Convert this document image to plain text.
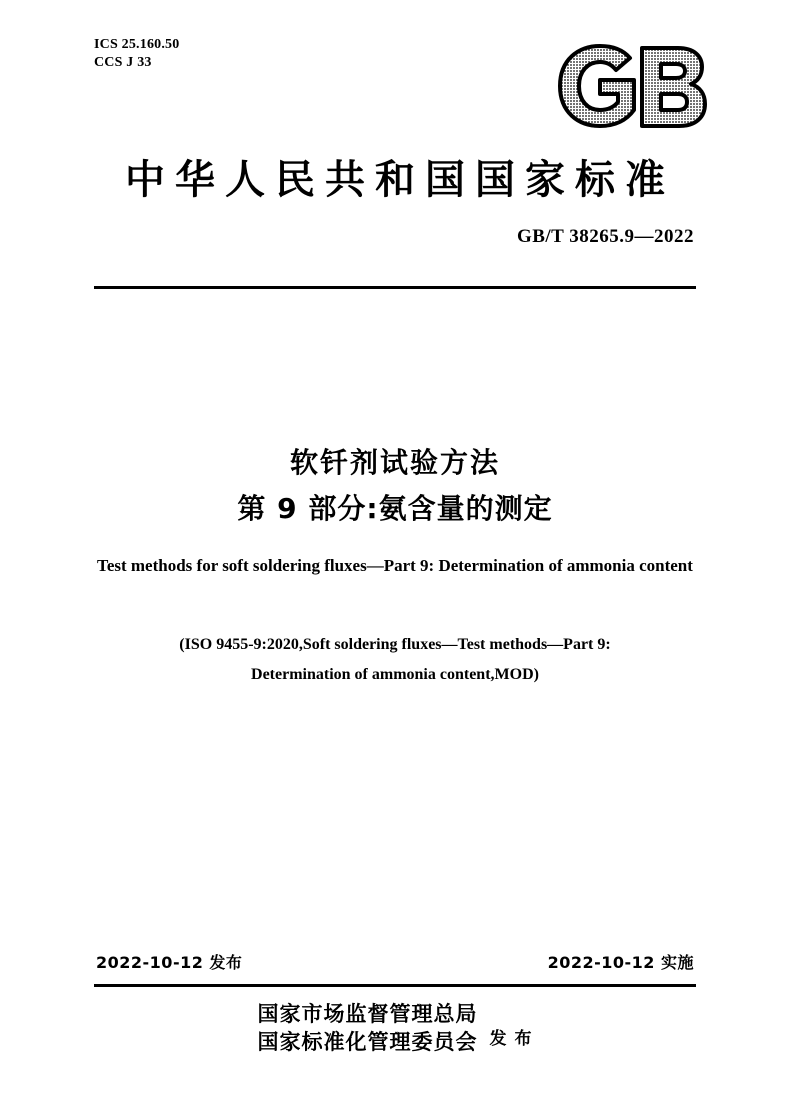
ICS 25.160.50
CCS J 33
中华人民共和国国家标准
GB/T 38265.9—2022
软钎剂试验方法
第 9 部分:氨含量的测定
Test methods for soft soldering fluxes—Part 9: Determination of ammonia content
(ISO 9455-9:2020,Soft soldering fluxes—Test methods—Part 9:
Determination of ammonia content,MOD)
2022-10-12 发布	2022-10-12 实施
国家市场监督管理总局
国家标准化管理委员会 发 布
